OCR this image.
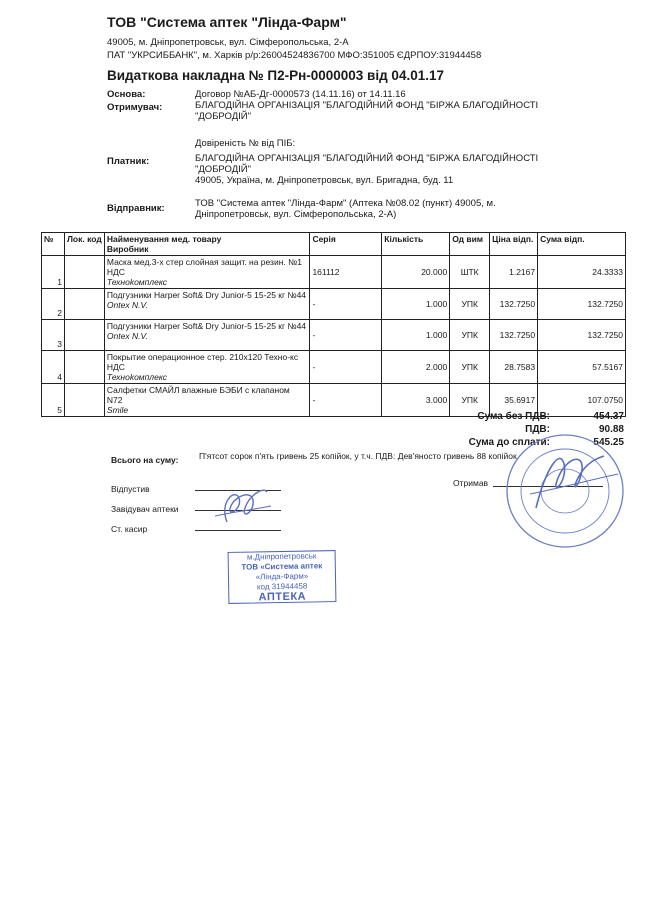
ТОВ "Система аптек "Лінда-Фарм"
49005, м. Дніпропетровськ, вул. Сімферопольська, 2-А
ПАТ "УКРСИББАНК", м. Харків р/р:26004524836700 МФО:351005 ЄДРПОУ:31944458
Видаткова накладна № П2-Рн-0000003 від 04.01.17
Основа:	Договор №АБ-Дг-0000573 (14.11.16) от 14.11.16
Отримувач:	БЛАГОДІЙНА ОРГАНІЗАЦІЯ "БЛАГОДІЙНИЙ ФОНД "БІРЖА БЛАГОДІЙНОСТІ
"ДОБРОДІЙ"
Довіреність № від ПІБ:
Платник:	БЛАГОДІЙНА ОРГАНІЗАЦІЯ "БЛАГОДІЙНИЙ ФОНД "БІРЖА БЛАГОДІЙНОСТІ
"ДОБРОДІЙ"
49005, Україна, м. Дніпропетровськ, вул. Бригадна, буд. 11
Відправник:	ТОВ "Система аптек "Лінда-Фарм" (Аптека №08.02 (пункт) 49005, м.
Дніпропетровськ, вул. Сімферопольська, 2-А)
№	Лок. код	Найменування мед. товару
Виробник	Серія	Кількість	Од вим	Ціна відп.	Сума відп.
1		Маска мед.3-х стер слойная защит. на резин. №1 НДС
Техноkомплекс	161112	20.000	ШТК	1.2167	24.3333
2		Подгузники Harper Soft& Dry Junior-5 15-25 кг №44
Ontex N.V.	-	1.000	УПК	132.7250	132.7250
3		Подгузники Harper Soft& Dry Junior-5 15-25 кг №44
Ontex N.V.	-	1.000	УПК	132.7250	132.7250
4		Покрытие операционное стер. 210x120 Техно-кс НДС
Техноkомплекс	-	2.000	УПК	28.7583	57.5167
5		Салфетки СМАЙЛ влажные БЭБИ с клапаном N72
Smile	-	3.000	УПК	35.6917	107.0750
Сума без ПДВ:	454.37
ПДВ:	90.88
Сума до сплати:	545.25
Всього на суму: П'ятсот сорок п'ять гривень 25 копійок, у т.ч. ПДВ: Дев'яносто гривень 88 копійок
Відпустив
Завідувач аптеки
Ст. касир
Отримав
м.Дніпропетровськ
ТОВ «Система аптек
«Лінда-Фарм»
код 31944458
АПТЕКА
